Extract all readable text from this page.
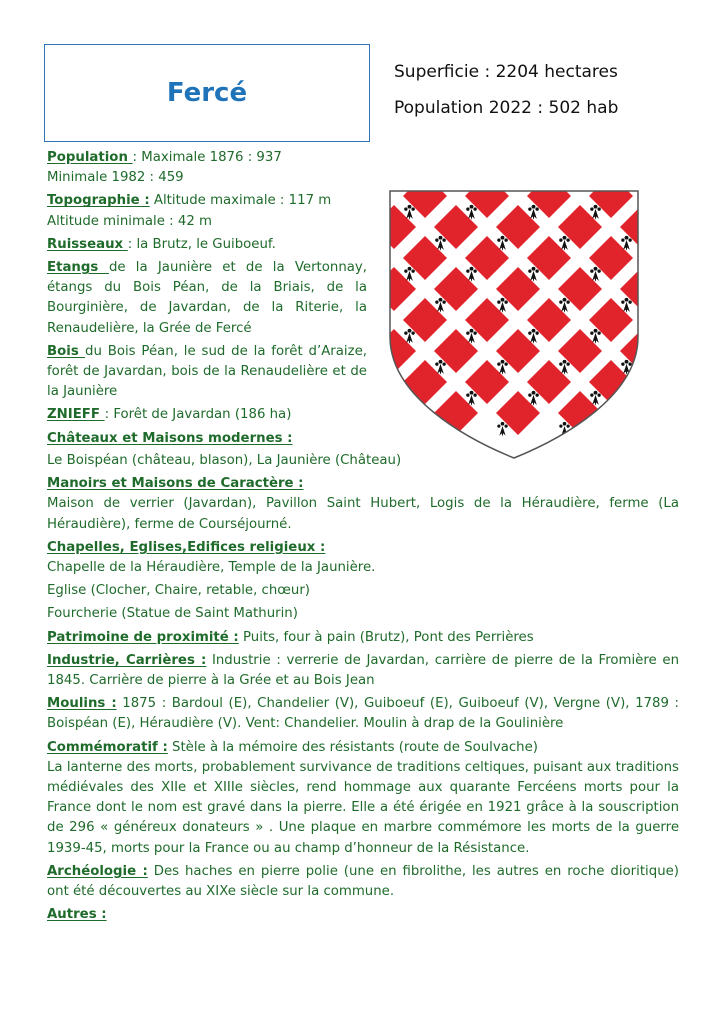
Fercé
Superficie : 2204 hectares
Population 2022 : 502 hab

Population : Maximale 1876 : 937

Minimale 1982 : 459

Topographie : Altitude maximale : 117 m

Altitude minimale : 42 m

Ruisseaux : la Brutz, le Guiboeuf.

Etangs de la Jaunière et de la Vertonnay, étangs du Bois Péan, de la Briais, de la Bourginière, de Javardan, de la Riterie, la Renaudelière, la Grée de Fercé

Bois du Bois Péan, le sud de la forêt d’Araize, forêt de Javardan, bois de la Renaudelière et de la Jaunière

ZNIEFF : Forêt de Javardan (186 ha)

Châteaux et Maisons modernes :

Le Boispéan (château, blason), La Jaunière (Château)

Manoirs et Maisons de Caractère :

Maison de verrier (Javardan), Pavillon Saint Hubert, Logis de la Héraudière, ferme (La Héraudière), ferme de Courséjourné.

Chapelles, Eglises,Edifices religieux :

Chapelle de la Héraudière, Temple de la Jaunière.

Eglise (Clocher, Chaire, retable, chœur)

Fourcherie (Statue de Saint Mathurin)

Patrimoine de proximité : Puits, four à pain (Brutz), Pont des Perrières

Industrie, Carrières : Industrie : verrerie de Javardan, carrière de pierre de la Fromière en 1845. Carrière de pierre à la Grée et au Bois Jean

Moulins : 1875 : Bardoul (E), Chandelier (V), Guiboeuf (E), Guiboeuf (V), Vergne (V), 1789 : Boispéan (E), Héraudière (V). Vent: Chandelier. Moulin à drap de la Goulinière

Commémoratif : Stèle à la mémoire des résistants (route de Soulvache)

La lanterne des morts, probablement survivance de traditions celtiques, puisant aux traditions médiévales des XIIe et XIIIe siècles, rend hommage aux quarante Fercéens morts pour la France dont le nom est gravé dans la pierre. Elle a été érigée en 1921 grâce à la souscription de 296 « généreux donateurs » . Une plaque en marbre commémore les morts de la guerre 1939-45, morts pour la France ou au champ d’honneur de la Résistance.

Archéologie : Des haches en pierre polie (une en fibrolithe, les autres en roche dioritique) ont été découvertes au XIXe siècle sur la commune.

Autres :
